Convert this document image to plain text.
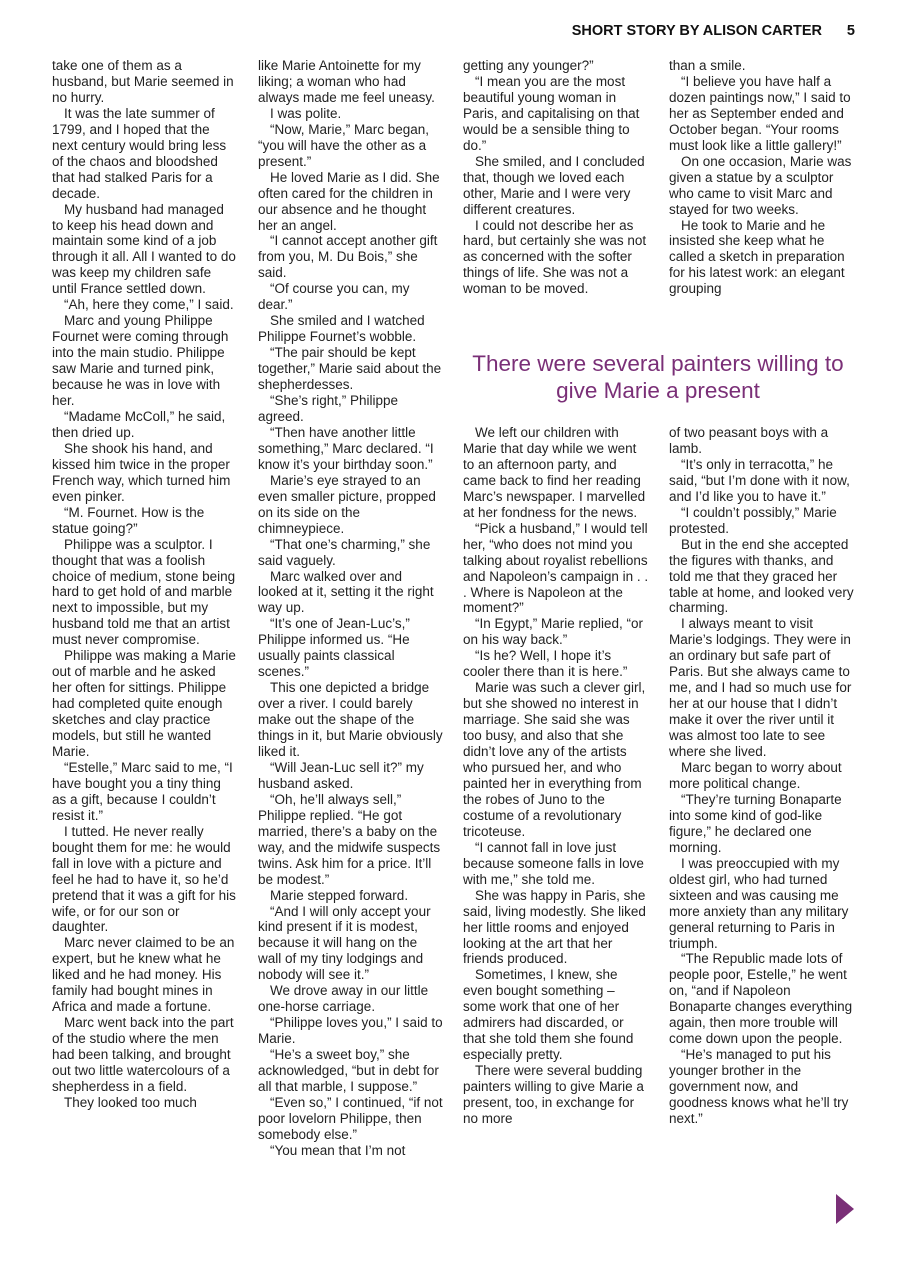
SHORT STORY BY ALISON CARTER 5

take one of them as a husband, but Marie seemed in no hurry.

It was the late summer of 1799, and I hoped that the next century would bring less of the chaos and bloodshed that had stalked Paris for a decade.

My husband had managed to keep his head down and maintain some kind of a job through it all. All I wanted to do was keep my children safe until France settled down.

“Ah, here they come,” I said.

Marc and young Philippe Fournet were coming through into the main studio. Philippe saw Marie and turned pink, because he was in love with her.

“Madame McColl,” he said, then dried up.

She shook his hand, and kissed him twice in the proper French way, which turned him even pinker.

“M. Fournet. How is the statue going?”

Philippe was a sculptor. I thought that was a foolish choice of medium, stone being hard to get hold of and marble next to impossible, but my husband told me that an artist must never compromise.

Philippe was making a Marie out of marble and he asked her often for sittings. Philippe had completed quite enough sketches and clay practice models, but still he wanted Marie.

“Estelle,” Marc said to me, “I have bought you a tiny thing as a gift, because I couldn’t resist it.”

I tutted. He never really bought them for me: he would fall in love with a picture and feel he had to have it, so he’d pretend that it was a gift for his wife, or for our son or daughter.

Marc never claimed to be an expert, but he knew what he liked and he had money. His family had bought mines in Africa and made a fortune.

Marc went back into the part of the studio where the men had been talking, and brought out two little watercolours of a shepherdess in a field.

They looked too much

like Marie Antoinette for my liking; a woman who had always made me feel uneasy.

I was polite.

“Now, Marie,” Marc began, “you will have the other as a present.”

He loved Marie as I did. She often cared for the children in our absence and he thought her an angel.

“I cannot accept another gift from you, M. Du Bois,” she said.

“Of course you can, my dear.”

She smiled and I watched Philippe Fournet’s wobble.

“The pair should be kept together,” Marie said about the shepherdesses.

“She’s right,” Philippe agreed.

“Then have another little something,” Marc declared. “I know it’s your birthday soon.”

Marie’s eye strayed to an even smaller picture, propped on its side on the chimneypiece.

“That one’s charming,” she said vaguely.

Marc walked over and looked at it, setting it the right way up.

“It’s one of Jean-Luc’s,” Philippe informed us. “He usually paints classical scenes.”

This one depicted a bridge over a river. I could barely make out the shape of the things in it, but Marie obviously liked it.

“Will Jean-Luc sell it?” my husband asked.

“Oh, he’ll always sell,” Philippe replied. “He got married, there’s a baby on the way, and the midwife suspects twins. Ask him for a price. It’ll be modest.”

Marie stepped forward.

“And I will only accept your kind present if it is modest, because it will hang on the wall of my tiny lodgings and nobody will see it.”

We drove away in our little one-horse carriage.

“Philippe loves you,” I said to Marie.

“He’s a sweet boy,” she acknowledged, “but in debt for all that marble, I suppose.”

“Even so,” I continued, “if not poor lovelorn Philippe, then somebody else.”

“You mean that I’m not

getting any younger?”

“I mean you are the most beautiful young woman in Paris, and capitalising on that would be a sensible thing to do.”

She smiled, and I concluded that, though we loved each other, Marie and I were very different creatures.

I could not describe her as hard, but certainly she was not as concerned with the softer things of life. She was not a woman to be moved.

than a smile.

“I believe you have half a dozen paintings now,” I said to her as September ended and October began. “Your rooms must look like a little gallery!”

On one occasion, Marie was given a statue by a sculptor who came to visit Marc and stayed for two weeks.

He took to Marie and he insisted she keep what he called a sketch in preparation for his latest work: an elegant grouping

There were several painters willing to give Marie a present

We left our children with Marie that day while we went to an afternoon party, and came back to find her reading Marc’s newspaper. I marvelled at her fondness for the news.

“Pick a husband,” I would tell her, “who does not mind you talking about royalist rebellions and Napoleon’s campaign in . . . Where is Napoleon at the moment?”

“In Egypt,” Marie replied, “or on his way back.”

“Is he? Well, I hope it’s cooler there than it is here.”

Marie was such a clever girl, but she showed no interest in marriage. She said she was too busy, and also that she didn’t love any of the artists who pursued her, and who painted her in everything from the robes of Juno to the costume of a revolutionary tricoteuse.

“I cannot fall in love just because someone falls in love with me,” she told me.

She was happy in Paris, she said, living modestly. She liked her little rooms and enjoyed looking at the art that her friends produced.

Sometimes, I knew, she even bought something – some work that one of her admirers had discarded, or that she told them she found especially pretty.

There were several budding painters willing to give Marie a present, too, in exchange for no more

of two peasant boys with a lamb.

“It’s only in terracotta,” he said, “but I’m done with it now, and I’d like you to have it.”

“I couldn’t possibly,” Marie protested.

But in the end she accepted the figures with thanks, and told me that they graced her table at home, and looked very charming.

I always meant to visit Marie’s lodgings. They were in an ordinary but safe part of Paris. But she always came to me, and I had so much use for her at our house that I didn’t make it over the river until it was almost too late to see where she lived.

Marc began to worry about more political change.

“They’re turning Bonaparte into some kind of god-like figure,” he declared one morning.

I was preoccupied with my oldest girl, who had turned sixteen and was causing me more anxiety than any military general returning to Paris in triumph.

“The Republic made lots of people poor, Estelle,” he went on, “and if Napoleon Bonaparte changes everything again, then more trouble will come down upon the people.

“He’s managed to put his younger brother in the government now, and goodness knows what he’ll try next.”
